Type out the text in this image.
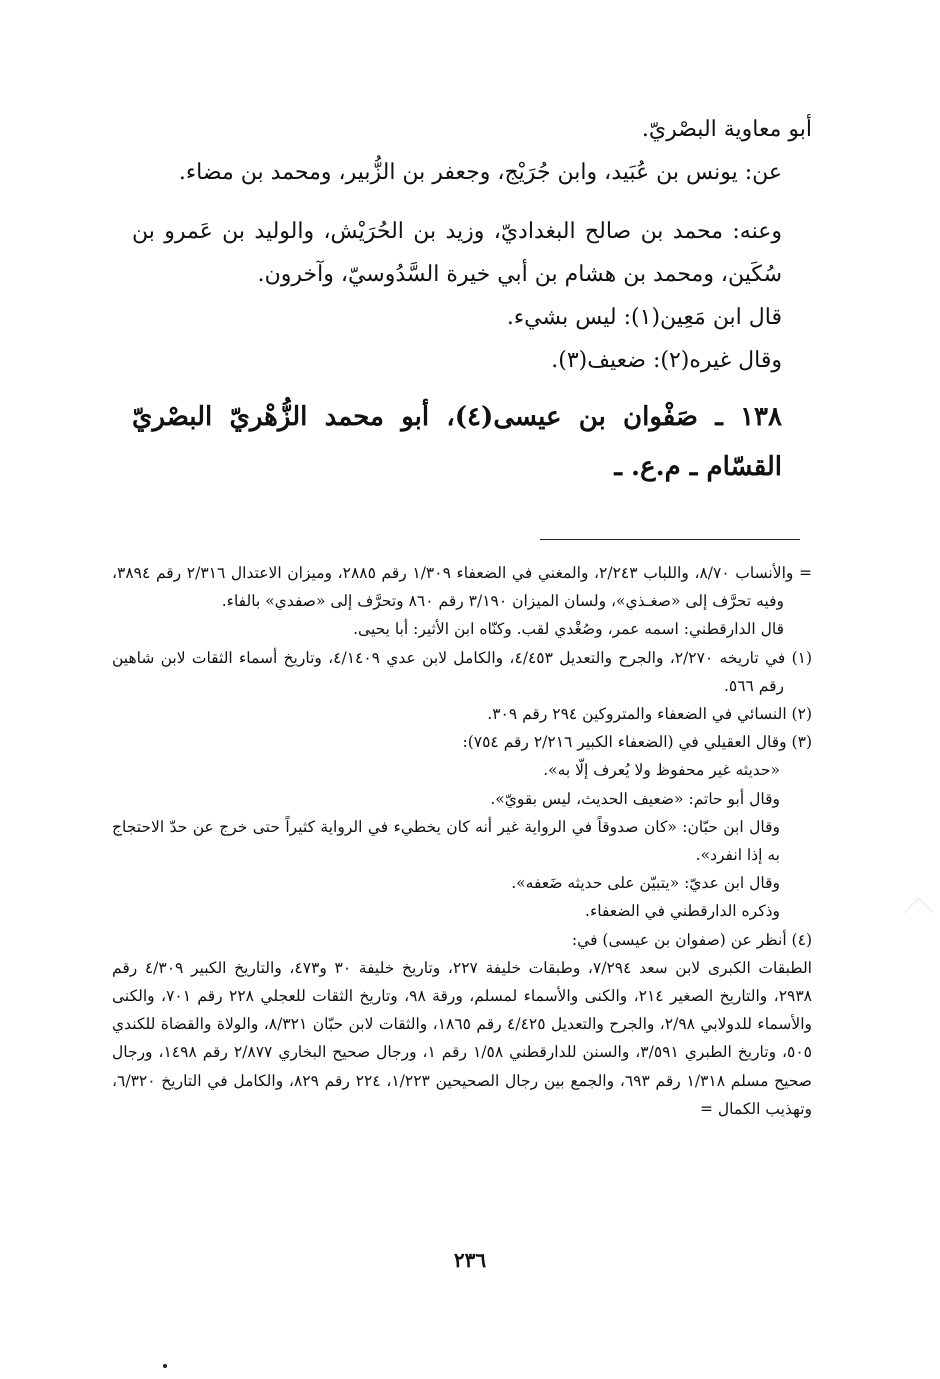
أبو معاوية البصْريّ.

عن: يونس بن عُبَيد، وابن جُرَيْج، وجعفر بن الزُّبير، ومحمد بن مضاء.

وعنه: محمد بن صالح البغداديّ، وزيد بن الحُرَيْش، والوليد بن عَمرو بن سُكَين، ومحمد بن هشام بن أبي خيرة السَّدُوسيّ، وآخرون.

قال ابن مَعِين(١): ليس بشيء.

وقال غيره(٢): ضعيف(٣).

١٣٨ ـ صَفْوان بن عيسى(٤)، أبو محمد الزُّهْريّ البصْريّ القسّام ـ م.ع. ـ

= والأنساب ٨/٧٠، واللباب ٢/٢٤٣، والمغني في الضعفاء ١/٣٠٩ رقم ٢٨٨٥، وميزان الاعتدال ٢/٣١٦ رقم ٣٨٩٤، وفيه تحرَّف إلى «صغـذي»، ولسان الميزان ٣/١٩٠ رقم ٨٦٠ وتحرَّف إلى «صفدي» بالفاء.

قال الدارقطني: اسمه عمر، وصُغْدي لقب. وكنّاه ابن الأثير: أبا يحيى.

(١) في تاريخه ٢/٢٧٠، والجرح والتعديل ٤/٤٥٣، والكامل لابن عدي ٤/١٤٠٩، وتاريخ أسماء الثقات لابن شاهين رقم ٥٦٦.

(٢) النسائي في الضعفاء والمتروكين ٢٩٤ رقم ٣٠٩.

(٣) وقال العقيلي في (الضعفاء الكبير ٢/٢١٦ رقم ٧٥٤):

«حديثه غير محفوظ ولا يُعرف إلّا به».

وقال أبو حاتم: «ضعيف الحديث، ليس بقويّ».

وقال ابن حبّان: «كان صدوقاً في الرواية غير أنه كان يخطيء في الرواية كثيراً حتى خرج عن حدّ الاحتجاج به إذا انفرد».

وقال ابن عديّ: «يتبيّن على حديثه ضَعفه».

وذكره الدارقطني في الضعفاء.

(٤) أنظر عن (صفوان بن عيسى) في:

الطبقات الكبرى لابن سعد ٧/٢٩٤، وطبقات خليفة ٢٢٧، وتاريخ خليفة ٣٠ و٤٧٣، والتاريخ الكبير ٤/٣٠٩ رقم ٢٩٣٨، والتاريخ الصغير ٢١٤، والكنى والأسماء لمسلم، ورقة ٩٨، وتاريخ الثقات للعجلي ٢٢٨ رقم ٧٠١، والكنى والأسماء للدولابي ٢/٩٨، والجرح والتعديل ٤/٤٢٥ رقم ١٨٦٥، والثقات لابن حبّان ٨/٣٢١، والولاة والقضاة للكندي ٥٠٥، وتاريخ الطبري ٣/٥٩١، والسنن للدارقطني ١/٥٨ رقم ١، ورجال صحيح البخاري ٢/٨٧٧ رقم ١٤٩٨، ورجال صحيح مسلم ١/٣١٨ رقم ٦٩٣، والجمع بين رجال الصحيحين ١/٢٢٣، ٢٢٤ رقم ٨٢٩، والكامل في التاريخ ٦/٣٢٠، وتهذيب الكمال =

٢٣٦
